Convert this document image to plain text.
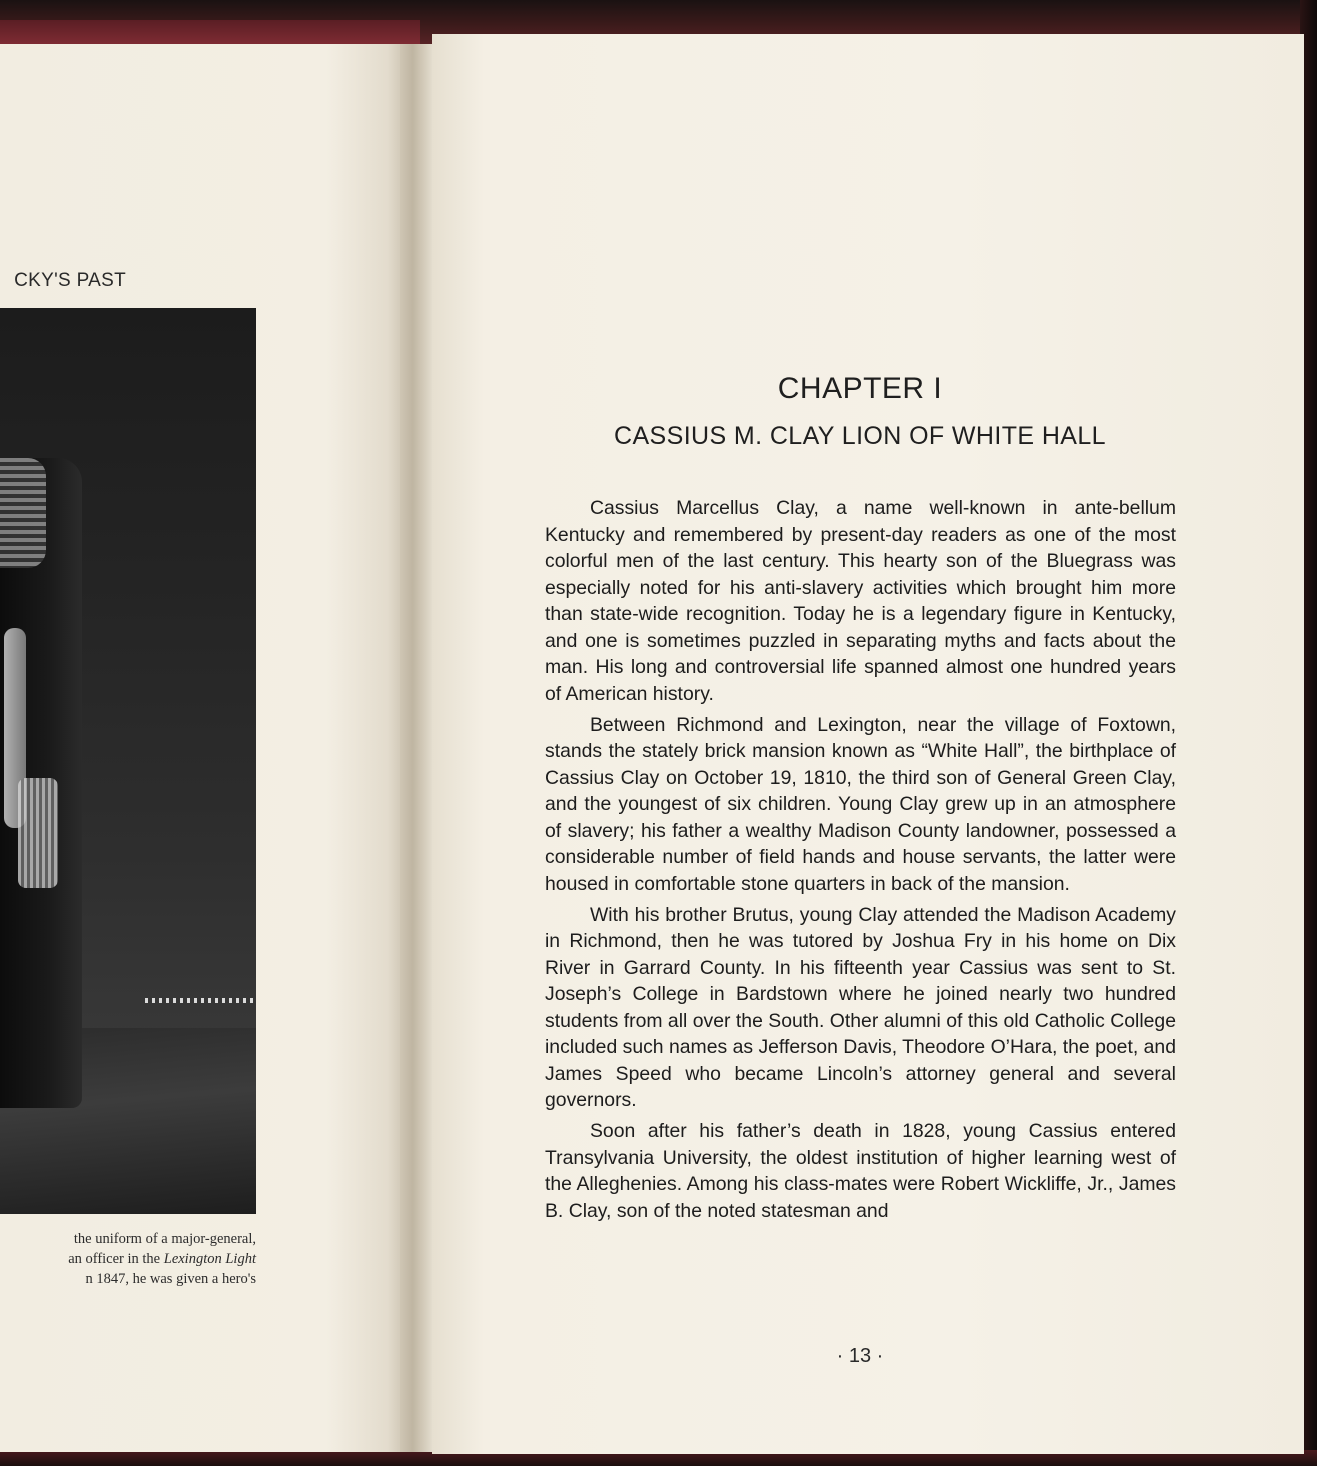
CKY'S PAST
the uniform of a major-general,
an officer in the Lexington Light
n 1847, he was given a hero's
CHAPTER I
CASSIUS M. CLAY LION OF WHITE HALL

Cassius Marcellus Clay, a name well-known in ante-bellum Kentucky and remembered by present-day readers as one of the most colorful men of the last century. This hearty son of the Bluegrass was especially noted for his anti-slavery activities which brought him more than state-wide recognition. Today he is a legendary figure in Kentucky, and one is sometimes puzzled in separating myths and facts about the man. His long and controversial life spanned almost one hundred years of American history.

Between Richmond and Lexington, near the village of Foxtown, stands the stately brick mansion known as “White Hall”, the birthplace of Cassius Clay on October 19, 1810, the third son of General Green Clay, and the youngest of six children. Young Clay grew up in an atmosphere of slavery; his father a wealthy Madison County landowner, possessed a considerable number of field hands and house servants, the latter were housed in comfortable stone quarters in back of the mansion.

With his brother Brutus, young Clay attended the Madison Academy in Richmond, then he was tutored by Joshua Fry in his home on Dix River in Garrard County. In his fifteenth year Cassius was sent to St. Joseph’s College in Bardstown where he joined nearly two hundred students from all over the South. Other alumni of this old Catholic College included such names as Jefferson Davis, Theodore O’Hara, the poet, and James Speed who became Lincoln’s attorney general and several governors.

Soon after his father’s death in 1828, young Cassius entered Transylvania University, the oldest institution of higher learning west of the Alleghenies. Among his class-mates were Robert Wickliffe, Jr., James B. Clay, son of the noted statesman and

· 13 ·
